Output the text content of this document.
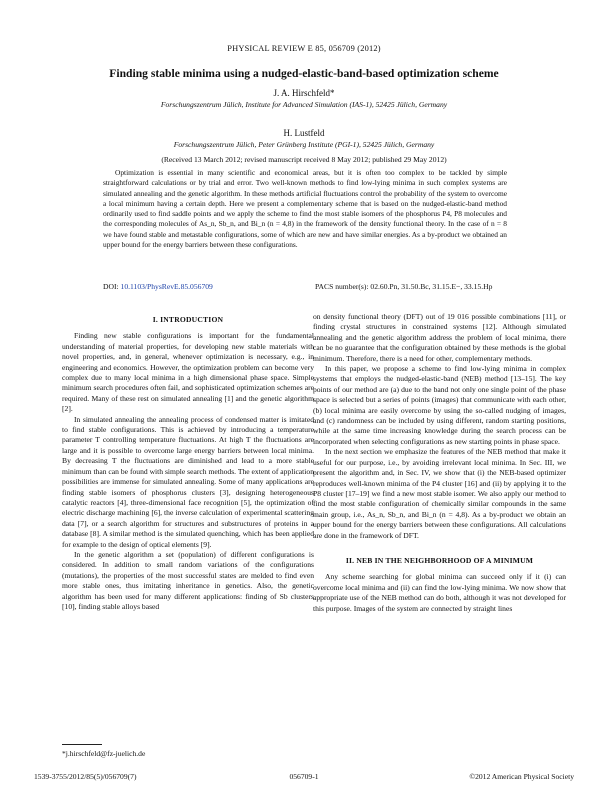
PHYSICAL REVIEW E 85, 056709 (2012)
Finding stable minima using a nudged-elastic-band-based optimization scheme
J. A. Hirschfeld*
Forschungszentrum Jülich, Institute for Advanced Simulation (IAS-1), 52425 Jülich, Germany
H. Lustfeld
Forschungszentrum Jülich, Peter Grünberg Institute (PGI-1), 52425 Jülich, Germany
(Received 13 March 2012; revised manuscript received 8 May 2012; published 29 May 2012)
Optimization is essential in many scientific and economical areas, but it is often too complex to be tackled by simple straightforward calculations or by trial and error. Two well-known methods to find low-lying minima in such complex systems are simulated annealing and the genetic algorithm. In these methods artificial fluctuations control the probability of the system to overcome a local minimum having a certain depth. Here we present a complementary scheme that is based on the nudged-elastic-band method ordinarily used to find saddle points and we apply the scheme to find the most stable isomers of the phosphorus P4, P8 molecules and the corresponding molecules of As_n, Sb_n, and Bi_n (n = 4,8) in the framework of the density functional theory. In the case of n = 8 we have found stable and metastable configurations, some of which are new and have similar energies. As a by-product we obtained an upper bound for the energy barriers between these configurations.
DOI: 10.1103/PhysRevE.85.056709	PACS number(s): 02.60.Pn, 31.50.Bc, 31.15.E−, 33.15.Hp
I. INTRODUCTION

Finding new stable configurations is important for the fundamental understanding of material properties, for developing new stable materials with novel properties, and, in general, whenever optimization is necessary, e.g., in engineering and economics. However, the optimization problem can become very complex due to many local minima in a high dimensional phase space. Simple minimum search procedures often fail, and sophisticated optimization schemes are required. Many of these rest on simulated annealing [1] and the genetic algorithm [2].

In simulated annealing the annealing process of condensed matter is imitated to find stable configurations. This is achieved by introducing a temperature parameter T controlling temperature fluctuations. At high T the fluctuations are large and it is possible to overcome large energy barriers between local minima. By decreasing T the fluctuations are diminished and lead to a more stable minimum than can be found with simple search methods. The extent of application possibilities are immense for simulated annealing. Some of many applications are finding stable isomers of phosphorus clusters [3], designing heterogeneous catalytic reactors [4], three-dimensional face recognition [5], the optimization of electric discharge machining [6], the inverse calculation of experimental scattering data [7], or a search algorithm for structures and substructures of proteins in a database [8]. A similar method is the simulated quenching, which has been applied for example to the design of optical elements [9].

In the genetic algorithm a set (population) of different configurations is considered. In addition to small random variations of the configurations (mutations), the properties of the most successful states are melded to find even more stable ones, thus imitating inheritance in genetics. Also, the genetic algorithm has been used for many different applications: finding of Sb clusters [10], finding stable alloys based

on density functional theory (DFT) out of 19 016 possible combinations [11], or finding crystal structures in constrained systems [12]. Although simulated annealing and the genetic algorithm address the problem of local minima, there can be no guarantee that the configuration obtained by these methods is the global minimum. Therefore, there is a need for other, complementary methods.

In this paper, we propose a scheme to find low-lying minima in complex systems that employs the nudged-elastic-band (NEB) method [13–15]. The key points of our method are (a) due to the band not only one single point of the phase space is selected but a series of points (images) that communicate with each other, (b) local minima are easily overcome by using the so-called nudging of images, and (c) randomness can be included by using different, random starting positions, while at the same time increasing knowledge during the search process can be incorporated when selecting configurations as new starting points in phase space.

In the next section we emphasize the features of the NEB method that make it useful for our purpose, i.e., by avoiding irrelevant local minima. In Sec. III, we present the algorithm and, in Sec. IV, we show that (i) the NEB-based optimizer reproduces well-known minima of the P4 cluster [16] and (ii) by applying it to the P8 cluster [17–19] we find a new most stable isomer. We also apply our method to find the most stable configuration of chemically similar compounds in the same main group, i.e., As_n, Sb_n, and Bi_n (n = 4,8). As a by-product we obtain an upper bound for the energy barriers between these configurations. All calculations are done in the framework of DFT.

II. NEB IN THE NEIGHBORHOOD OF A MINIMUM

Any scheme searching for global minima can succeed only if it (i) can overcome local minima and (ii) can find the low-lying minima. We now show that appropriate use of the NEB method can do both, although it was not developed for this purpose. Images of the system are connected by straight lines

*j.hirschfeld@fz-juelich.de
1539-3755/2012/85(5)/056709(7)	056709-1	©2012 American Physical Society
